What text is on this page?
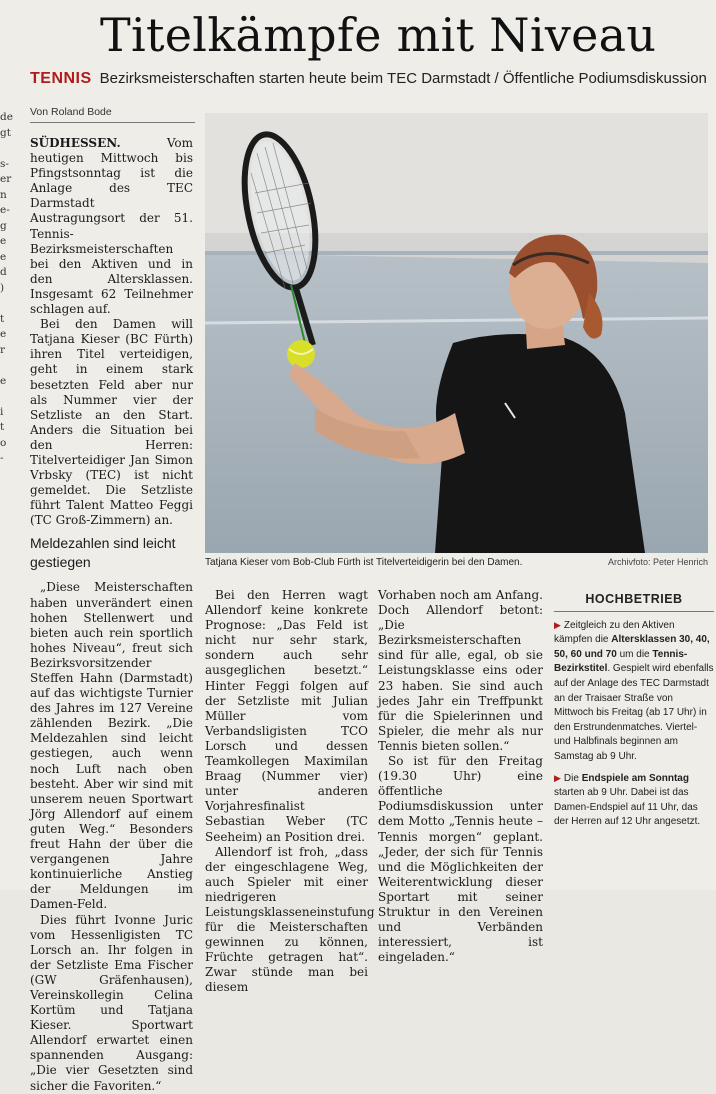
de
gt
s-
er
n
e-
g
e
e
d
)
t
e
r
e
i
t
o
-
Titelkämpfe mit Niveau
TENNIS Bezirksmeisterschaften starten heute beim TEC Darmstadt / Öffentliche Podiumsdiskussion
Von Roland Bode

SÜDHESSEN.	Vom heutigen Mittwoch bis Pfingstsonntag ist die Anlage des TEC Darmstadt Austragungsort der 51. Tennis-Bezirksmeisterschaften bei den Aktiven und in den Altersklassen. Insgesamt 62 Teilnehmer schlagen auf.

Bei den Damen will Tatjana Kieser (BC Fürth) ihren Titel verteidigen, geht in einem stark besetzten Feld aber nur als Nummer vier der Setzliste an den Start. Anders die Situation bei den Herren: Titelverteidiger Jan Simon Vrbsky (TEC) ist nicht gemeldet. Die Setzliste führt Talent Matteo Feggi (TC Groß-Zimmern) an.

Meldezahlen sind leicht gestiegen

„Diese Meisterschaften haben unverändert einen hohen Stellenwert und bieten auch rein sportlich hohes Niveau“, freut sich Bezirksvorsitzender Steffen Hahn (Darmstadt) auf das wichtigste Turnier des Jahres im 127 Vereine zählenden Bezirk. „Die Meldezahlen sind leicht gestiegen, auch wenn noch Luft nach oben besteht. Aber wir sind mit unserem neuen Sportwart Jörg Allendorf auf einem guten Weg.“ Besonders freut Hahn der über die vergangenen Jahre kontinuierliche Anstieg der Meldungen im Damen-Feld.

Dies führt Ivonne Juric vom Hessenligisten TC Lorsch an. Ihr folgen in der Setzliste Ema Fischer (GW Gräfenhausen), Vereinskollegin Celina Kortüm und Tatjana Kieser. Sportwart Allendorf erwartet einen spannenden Ausgang: „Die vier Gesetzten sind sicher die Favoriten.“

Tatjana Kieser vom Bob-Club Fürth ist Titelverteidigerin bei den Damen.	Archivfoto: Peter Henrich

Bei den Herren wagt Allendorf keine konkrete Prognose: „Das Feld ist nicht nur sehr stark, sondern auch sehr ausgeglichen besetzt.“ Hinter Feggi folgen auf der Setzliste mit Julian Müller vom Verbandsligisten TCO Lorsch und dessen Teamkollegen Maximilan Braag (Nummer vier) unter anderen Vorjahresfinalist Sebastian Weber (TC Seeheim) an Position drei.

Allendorf ist froh, „dass der eingeschlagene Weg, auch Spieler mit einer niedrigeren Leistungsklasseneinstufung für die Meisterschaften gewinnen zu können, Früchte getragen hat“. Zwar stünde man bei diesem

Vorhaben noch am Anfang. Doch Allendorf betont: „Die Bezirksmeisterschaften sind für alle, egal, ob sie Leistungsklasse eins oder 23 haben. Sie sind auch jedes Jahr ein Treffpunkt für die Spielerinnen und Spieler, die mehr als nur Tennis bieten sollen.“

So ist für den Freitag (19.30 Uhr) eine öffentliche Podiumsdiskussion unter dem Motto „Tennis heute – Tennis morgen“ geplant. „Jeder, der sich für Tennis und die Möglichkeiten der Weiterentwicklung dieser Sportart mit seiner Struktur in den Vereinen und Verbänden interessiert, ist eingeladen.“

HOCHBETRIEB

▶ Zeitgleich zu den Aktiven kämpfen die Altersklassen 30, 40, 50, 60 und 70 um die Tennis-Bezirkstitel. Gespielt wird ebenfalls auf der Anlage des TEC Darmstadt an der Traisaer Straße von Mittwoch bis Freitag (ab 17 Uhr) in den Erstrundenmatches. Viertel- und Halbfinals beginnen am Samstag ab 9 Uhr.

▶ Die Endspiele am Sonntag starten ab 9 Uhr. Dabei ist das Damen-Endspiel auf 11 Uhr, das der Herren auf 12 Uhr angesetzt.
